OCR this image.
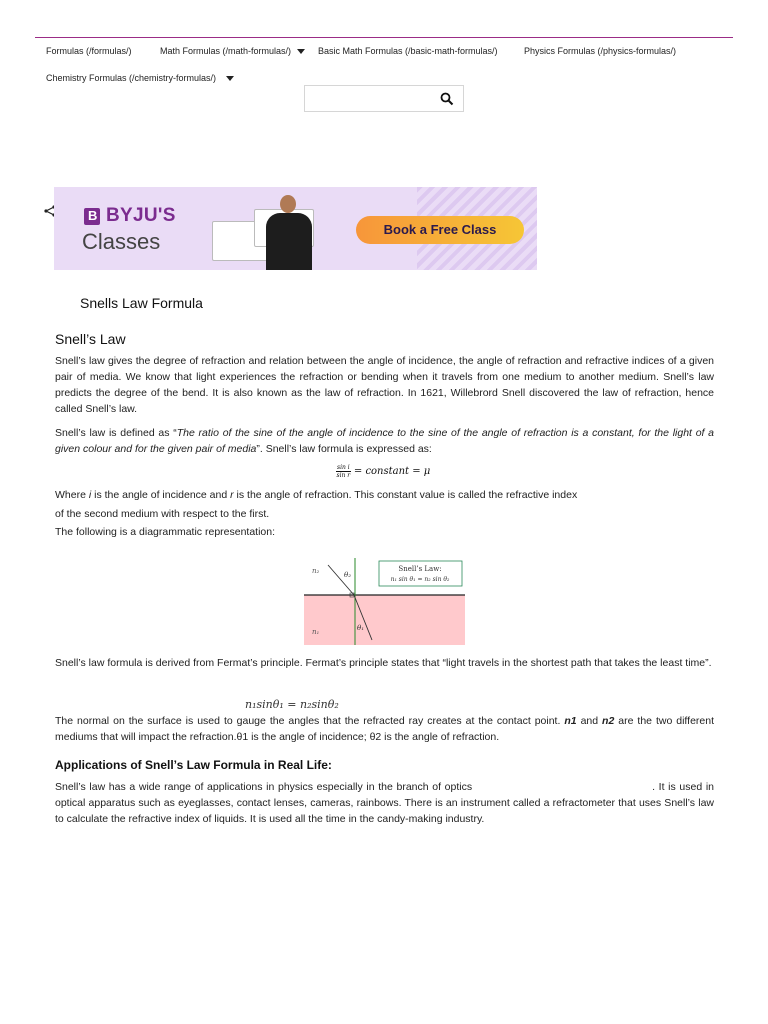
Formulas (/formulas/)	Math Formulas (/math-formulas/)	Basic Math Formulas (/basic-math-formulas/)	Physics Formulas (/physics-formulas/)
Chemistry Formulas (/chemistry-formulas/)
B BYJU'S
Classes	Book a Free Class
Snells Law Formula
Snell’s Law

Snell’s law gives the degree of refraction and relation between the angle of incidence, the angle of refraction and refractive indices of a given pair of media. We know that light experiences the refraction or bending when it travels from one medium to another medium. Snell’s law predicts the degree of the bend. It is also known as the law of refraction. In 1621, Willebrord Snell discovered the law of refraction, hence called Snell’s law.

Snell’s law is defined as “The ratio of the sine of the angle of incidence to the sine of the angle of refraction is a constant, for the light of a given colour and for the given pair of media”. Snell’s law formula is expressed as:

$\frac{\text{sin i}}{\text{sin r}}$ = constant = μ

Where i is the angle of incidence and r is the angle of refraction. This constant value is called the refractive index
of the second medium with respect to the first.

The following is a diagrammatic representation:

n₂	θ₂
n₁	θ₁
Snell’s Law:
n₁ sin θ₁ = n₂ sin θ₂

Snell’s law formula is derived from Fermat’s principle. Fermat’s principle states that “light travels in the shortest path that takes the least time”.

n₁sinθ₁ = n₂sinθ₂

The normal on the surface is used to gauge the angles that the refracted ray creates at the contact point. n1 and n2 are the two different mediums that will impact the refraction.θ1 is the angle of incidence; θ2 is the angle of refraction.

Applications of Snell’s Law Formula in Real Life:

Snell’s law has a wide range of applications in physics especially in the branch of optics	. It is used in optical apparatus such as eyeglasses, contact lenses, cameras, rainbows. There is an instrument called a refractometer that uses Snell’s law to calculate the refractive index of liquids. It is used all the time in the candy-making industry.
